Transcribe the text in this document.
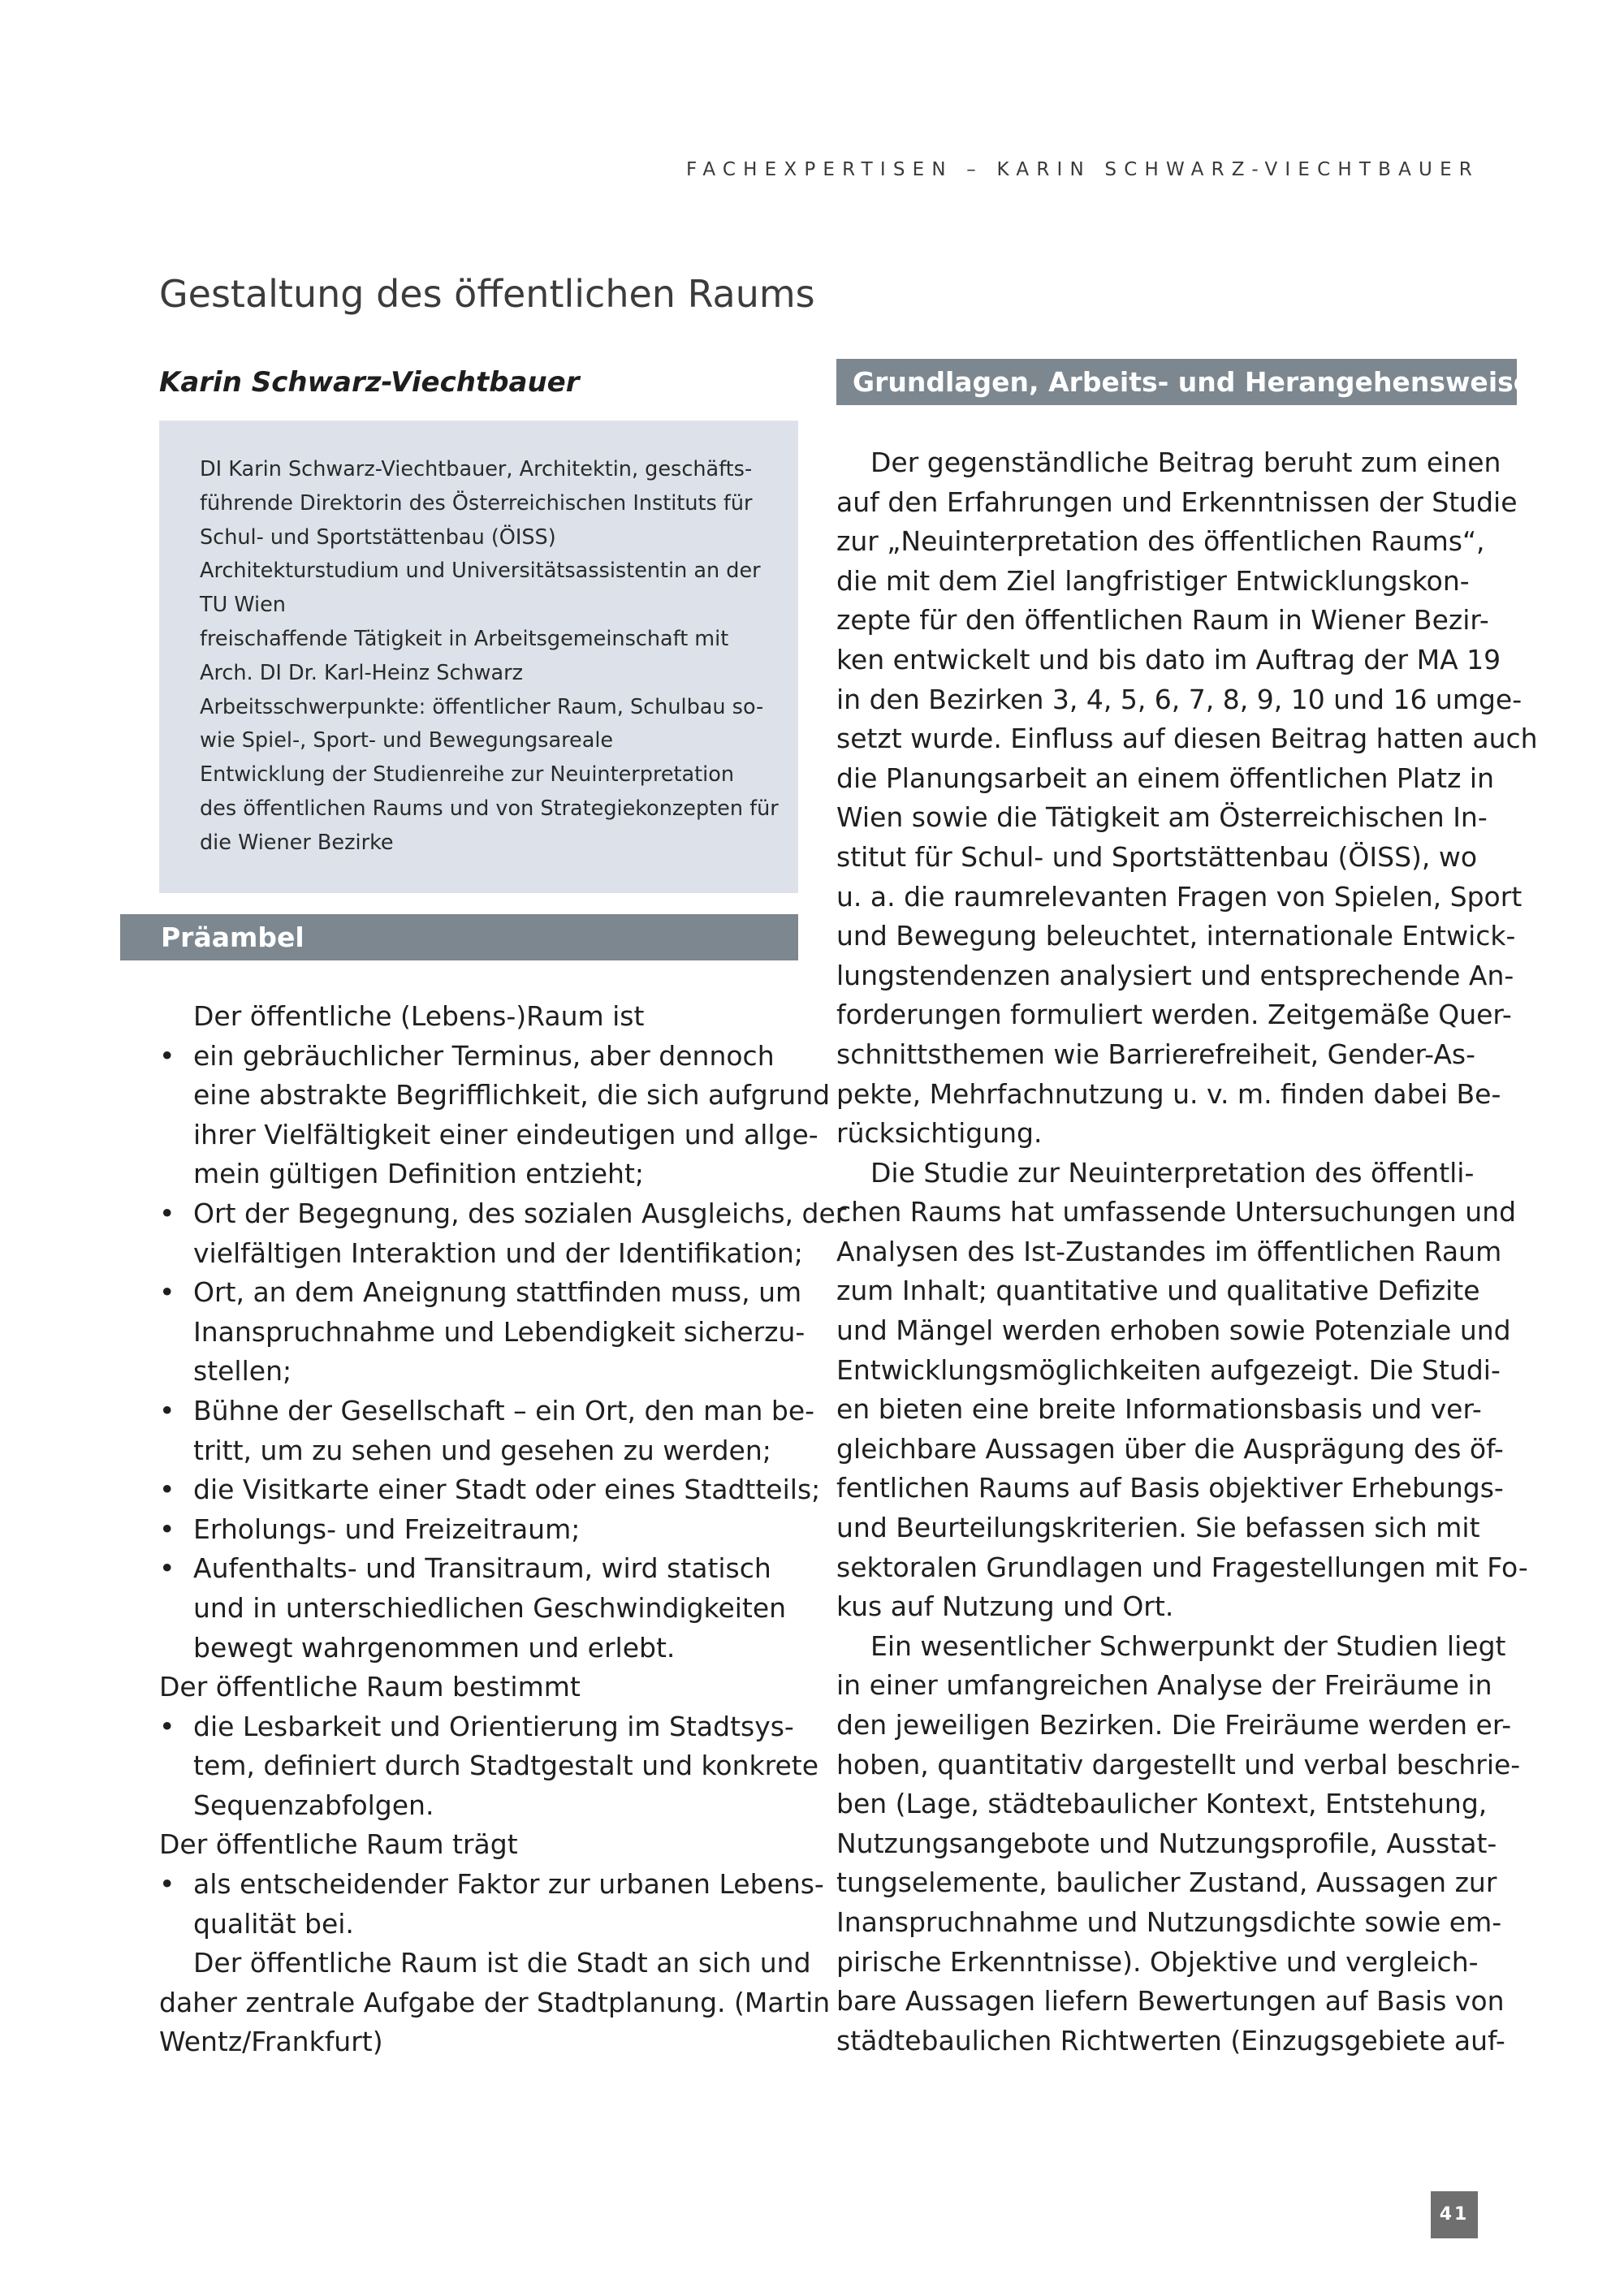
FACHEXPERTISEN – KARIN SCHWARZ-VIECHTBAUER
Gestaltung des öffentlichen Raums
Karin Schwarz-Viechtbauer
DI Karin Schwarz-Viechtbauer, Architektin, geschäfts-
führende Direktorin des Österreichischen Instituts für
Schul- und Sportstättenbau (ÖISS)
Architekturstudium und Universitätsassistentin an der
TU Wien
freischaffende Tätigkeit in Arbeitsgemeinschaft mit
Arch. DI Dr. Karl-Heinz Schwarz
Arbeitsschwerpunkte: öffentlicher Raum, Schulbau so-
wie Spiel-, Sport- und Bewegungsareale
Entwicklung der Studienreihe zur Neuinterpretation
des öffentlichen Raums und von Strategiekonzepten für
die Wiener Bezirke
Präambel
Grundlagen, Arbeits- und Herangehensweise
Der öffentliche (Lebens-)Raum ist
• ein gebräuchlicher Terminus, aber dennoch
eine abstrakte Begrifflichkeit, die sich aufgrund
ihrer Vielfältigkeit einer eindeutigen und allge-
mein gültigen Definition entzieht;
• Ort der Begegnung, des sozialen Ausgleichs, der
vielfältigen Interaktion und der Identifikation;
• Ort, an dem Aneignung stattfinden muss, um
Inanspruchnahme und Lebendigkeit sicherzu-
stellen;
• Bühne der Gesellschaft – ein Ort, den man be-
tritt, um zu sehen und gesehen zu werden;
• die Visitkarte einer Stadt oder eines Stadtteils;
• Erholungs- und Freizeitraum;
• Aufenthalts- und Transitraum, wird statisch
und in unterschiedlichen Geschwindigkeiten
bewegt wahrgenommen und erlebt.
Der öffentliche Raum bestimmt
• die Lesbarkeit und Orientierung im Stadtsys-
tem, definiert durch Stadtgestalt und konkrete
Sequenzabfolgen.
Der öffentliche Raum trägt
• als entscheidender Faktor zur urbanen Lebens-
qualität bei.
Der öffentliche Raum ist die Stadt an sich und
daher zentrale Aufgabe der Stadtplanung. (Martin
Wentz/Frankfurt)
Der gegenständliche Beitrag beruht zum einen
auf den Erfahrungen und Erkenntnissen der Studie
zur „Neuinterpretation des öffentlichen Raums“,
die mit dem Ziel langfristiger Entwicklungskon-
zepte für den öffentlichen Raum in Wiener Bezir-
ken entwickelt und bis dato im Auftrag der MA 19
in den Bezirken 3, 4, 5, 6, 7, 8, 9, 10 und 16 umge-
setzt wurde. Einfluss auf diesen Beitrag hatten auch
die Planungsarbeit an einem öffentlichen Platz in
Wien sowie die Tätigkeit am Österreichischen In-
stitut für Schul- und Sportstättenbau (ÖISS), wo
u. a. die raumrelevanten Fragen von Spielen, Sport
und Bewegung beleuchtet, internationale Entwick-
lungstendenzen analysiert und entsprechende An-
forderungen formuliert werden. Zeitgemäße Quer-
schnittsthemen wie Barrierefreiheit, Gender-As-
pekte, Mehrfachnutzung u. v. m. finden dabei Be-
rücksichtigung.
Die Studie zur Neuinterpretation des öffentli-
chen Raums hat umfassende Untersuchungen und
Analysen des Ist-Zustandes im öffentlichen Raum
zum Inhalt; quantitative und qualitative Defizite
und Mängel werden erhoben sowie Potenziale und
Entwicklungsmöglichkeiten aufgezeigt. Die Studi-
en bieten eine breite Informationsbasis und ver-
gleichbare Aussagen über die Ausprägung des öf-
fentlichen Raums auf Basis objektiver Erhebungs-
und Beurteilungskriterien. Sie befassen sich mit
sektoralen Grundlagen und Fragestellungen mit Fo-
kus auf Nutzung und Ort.
Ein wesentlicher Schwerpunkt der Studien liegt
in einer umfangreichen Analyse der Freiräume in
den jeweiligen Bezirken. Die Freiräume werden er-
hoben, quantitativ dargestellt und verbal beschrie-
ben (Lage, städtebaulicher Kontext, Entstehung,
Nutzungsangebote und Nutzungsprofile, Ausstat-
tungselemente, baulicher Zustand, Aussagen zur
Inanspruchnahme und Nutzungsdichte sowie em-
pirische Erkenntnisse). Objektive und vergleich-
bare Aussagen liefern Bewertungen auf Basis von
städtebaulichen Richtwerten (Einzugsgebiete auf-
41
